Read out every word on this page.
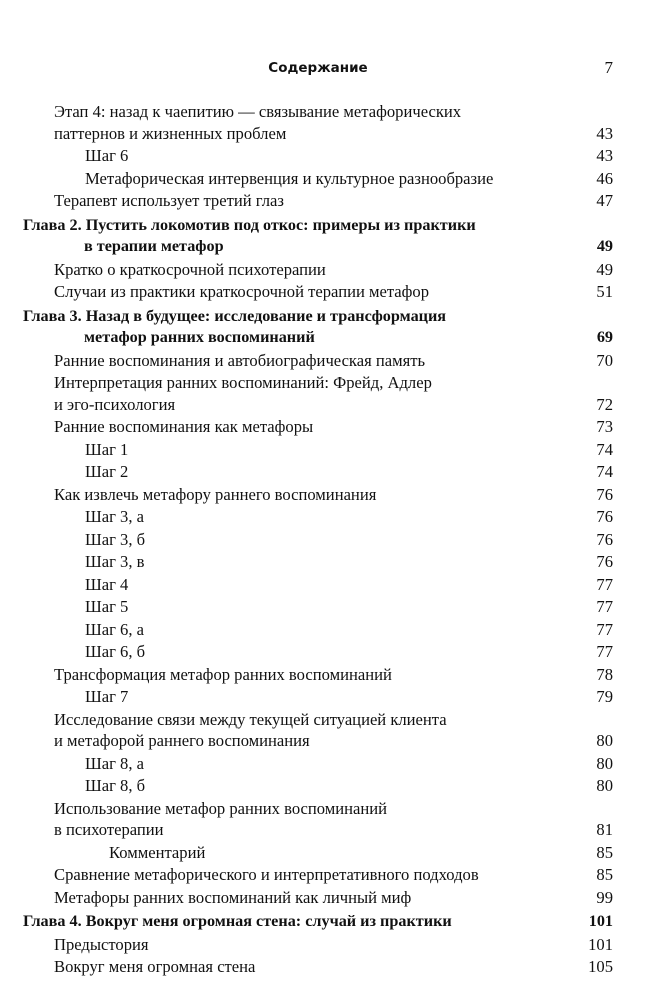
Содержание	7
Этап 4: назад к чаепитию — связывание метафорических
паттернов и жизненных проблем	43
Шаг 6	43
Метафорическая интервенция и культурное разнообразие	46
Терапевт использует третий глаз	47
Глава 2. Пустить локомотив под откос: примеры из практики
в терапии метафор	49
Кратко о краткосрочной психотерапии	49
Случаи из практики краткосрочной терапии метафор	51
Глава 3. Назад в будущее: исследование и трансформация
метафор ранних воспоминаний	69
Ранние воспоминания и автобиографическая память	70
Интерпретация ранних воспоминаний: Фрейд, Адлер
и эго-психология	72
Ранние воспоминания как метафоры	73
Шаг 1	74
Шаг 2	74
Как извлечь метафору раннего воспоминания	76
Шаг 3, а	76
Шаг 3, б	76
Шаг 3, в	76
Шаг 4	77
Шаг 5	77
Шаг 6, а	77
Шаг 6, б	77
Трансформация метафор ранних воспоминаний	78
Шаг 7	79
Исследование связи между текущей ситуацией клиента
и метафорой раннего воспоминания	80
Шаг 8, а	80
Шаг 8, б	80
Использование метафор ранних воспоминаний
в психотерапии	81
Комментарий	85
Сравнение метафорического и интерпретативного подходов	85
Метафоры ранних воспоминаний как личный миф	99
Глава 4. Вокруг меня огромная стена: случай из практики	101
Предыстория	101
Вокруг меня огромная стена	105
